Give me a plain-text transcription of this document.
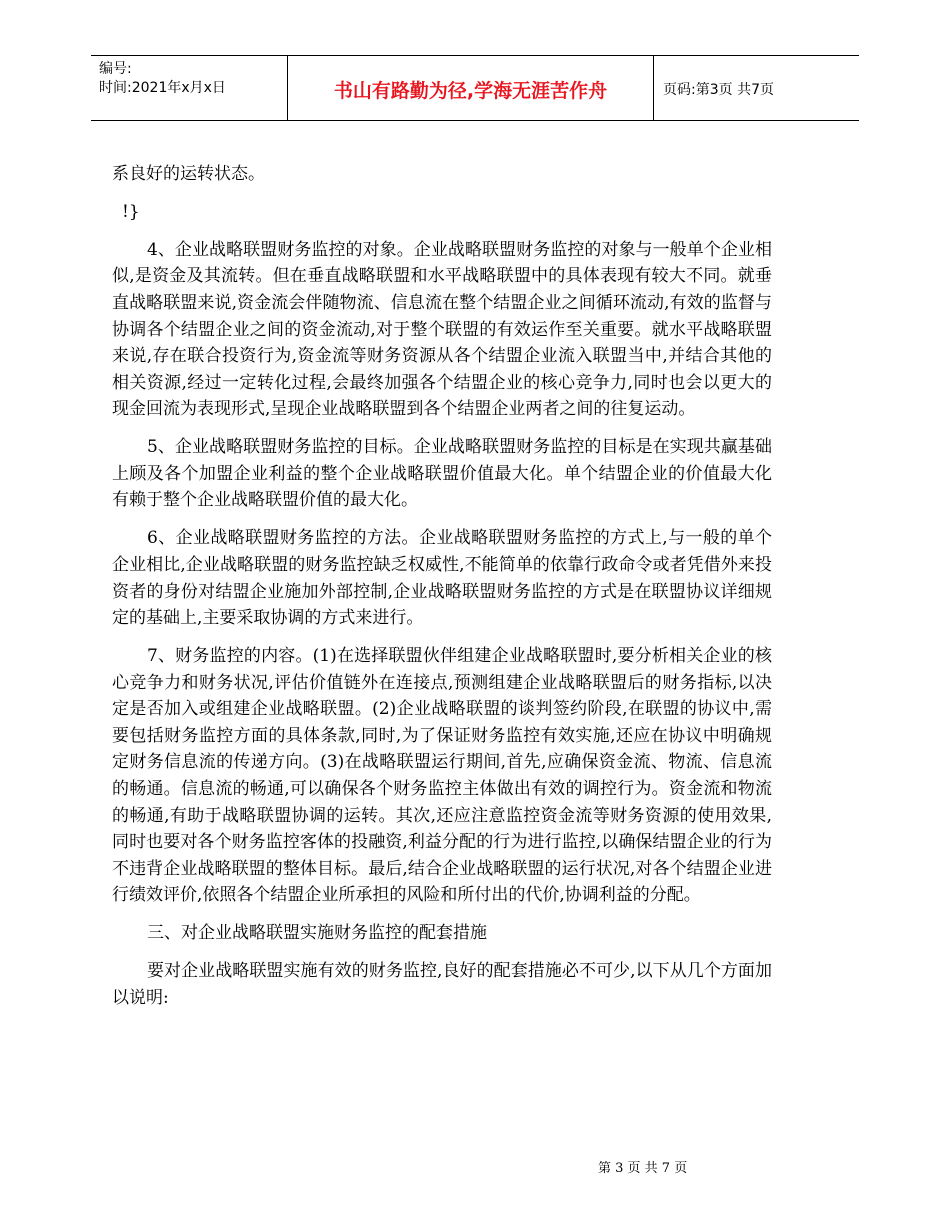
编号:
时间:2021年x月x日	书山有路勤为径,学海无涯苦作舟	页码:第3页 共7页

系良好的运转状态。

!}

4、企业战略联盟财务监控的对象。企业战略联盟财务监控的对象与一般单个企业相似,是资金及其流转。但在垂直战略联盟和水平战略联盟中的具体表现有较大不同。就垂直战略联盟来说,资金流会伴随物流、信息流在整个结盟企业之间循环流动,有效的监督与协调各个结盟企业之间的资金流动,对于整个联盟的有效运作至关重要。就水平战略联盟来说,存在联合投资行为,资金流等财务资源从各个结盟企业流入联盟当中,并结合其他的相关资源,经过一定转化过程,会最终加强各个结盟企业的核心竞争力,同时也会以更大的现金回流为表现形式,呈现企业战略联盟到各个结盟企业两者之间的往复运动。

5、企业战略联盟财务监控的目标。企业战略联盟财务监控的目标是在实现共赢基础上顾及各个加盟企业利益的整个企业战略联盟价值最大化。单个结盟企业的价值最大化有赖于整个企业战略联盟价值的最大化。

6、企业战略联盟财务监控的方法。企业战略联盟财务监控的方式上,与一般的单个企业相比,企业战略联盟的财务监控缺乏权威性,不能简单的依靠行政命令或者凭借外来投资者的身份对结盟企业施加外部控制,企业战略联盟财务监控的方式是在联盟协议详细规定的基础上,主要采取协调的方式来进行。

7、财务监控的内容。(1)在选择联盟伙伴组建企业战略联盟时,要分析相关企业的核心竞争力和财务状况,评估价值链外在连接点,预测组建企业战略联盟后的财务指标,以决定是否加入或组建企业战略联盟。(2)企业战略联盟的谈判签约阶段,在联盟的协议中,需要包括财务监控方面的具体条款,同时,为了保证财务监控有效实施,还应在协议中明确规定财务信息流的传递方向。(3)在战略联盟运行期间,首先,应确保资金流、物流、信息流的畅通。信息流的畅通,可以确保各个财务监控主体做出有效的调控行为。资金流和物流的畅通,有助于战略联盟协调的运转。其次,还应注意监控资金流等财务资源的使用效果,同时也要对各个财务监控客体的投融资,利益分配的行为进行监控,以确保结盟企业的行为不违背企业战略联盟的整体目标。最后,结合企业战略联盟的运行状况,对各个结盟企业进行绩效评价,依照各个结盟企业所承担的风险和所付出的代价,协调利益的分配。

三、对企业战略联盟实施财务监控的配套措施

要对企业战略联盟实施有效的财务监控,良好的配套措施必不可少,以下从几个方面加以说明:

第 3 页 共 7 页
